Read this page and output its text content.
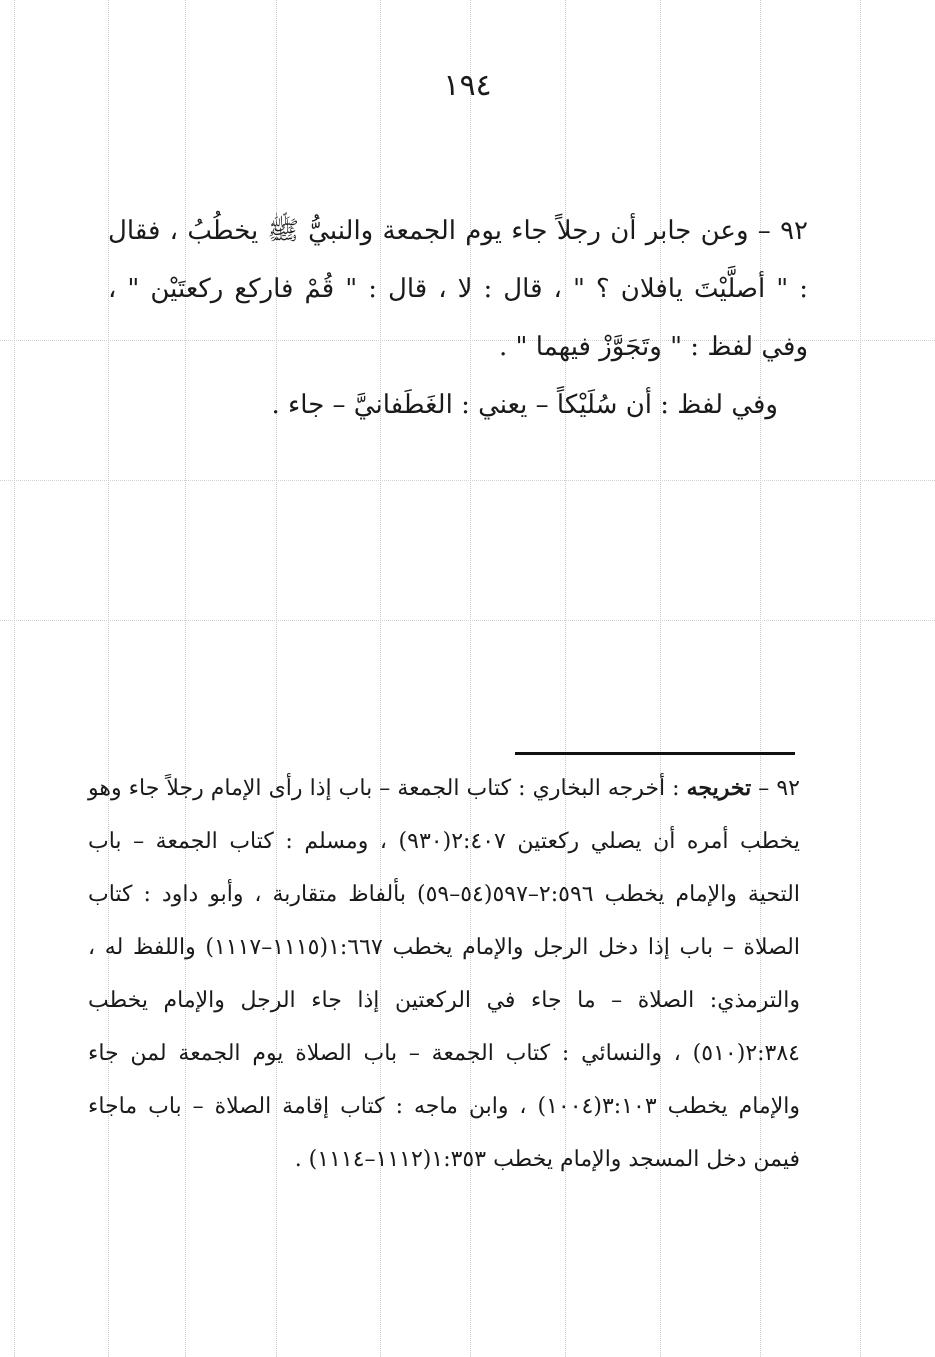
١٩٤

٩٢ – وعن جابر أن رجلاً جاء يوم الجمعة والنبيُّ ﷺ يخطُبُ ، فقال : " أصلَّيْتَ يافلان ؟ " ، قال : لا ، قال : " قُمْ فاركع ركعتَيْن " ، وفي لفظ : " وتَجَوَّزْ فيهما " .

وفي لفظ : أن سُلَيْكاً – يعني : الغَطَفانيَّ – جاء .

٩٢ – تخريجه : أخرجه البخاري : كتاب الجمعة – باب إذا رأى الإمام رجلاً جاء وهو يخطب أمره أن يصلي ركعتين ٢:٤٠٧(٩٣٠) ، ومسلم : كتاب الجمعة – باب التحية والإمام يخطب ٢:٥٩٦–٥٩٧(٥٤–٥٩) بألفاظ متقاربة ، وأبو داود : كتاب الصلاة – باب إذا دخل الرجل والإمام يخطب ١:٦٦٧(١١١٥–١١١٧) واللفظ له ، والترمذي: الصلاة – ما جاء في الركعتين إذا جاء الرجل والإمام يخطب ٢:٣٨٤(٥١٠) ، والنسائي : كتاب الجمعة – باب الصلاة يوم الجمعة لمن جاء والإمام يخطب ٣:١٠٣(١٠٠٤) ، وابن ماجه : كتاب إقامة الصلاة – باب ماجاء فيمن دخل المسجد والإمام يخطب ١:٣٥٣(١١١٢–١١١٤) .
